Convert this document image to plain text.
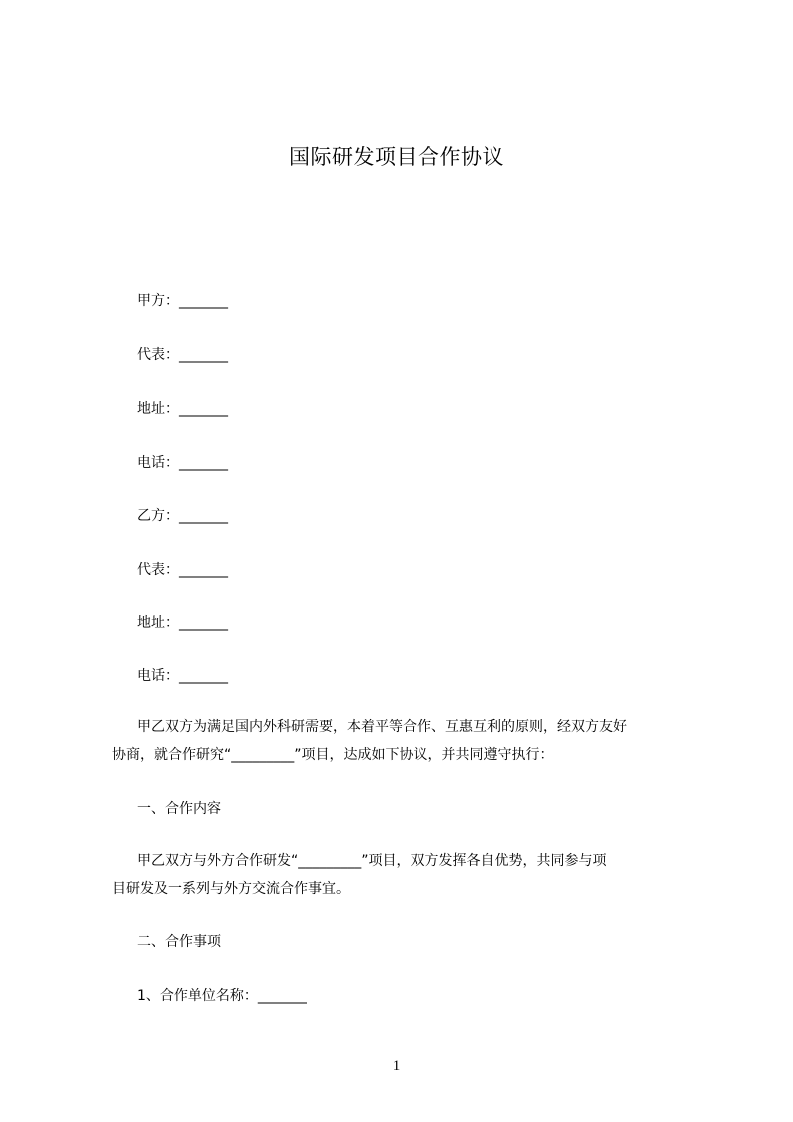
国际研发项目合作协议
甲方：_______
代表：_______
地址：_______
电话：_______
乙方：_______
代表：_______
地址：_______
电话：_______
甲乙双方为满足国内外科研需要，本着平等合作、互惠互利的原则，经双方友好
协商，就合作研究“_________”项目，达成如下协议，并共同遵守执行：
一、合作内容
甲乙双方与外方合作研发“_________”项目，双方发挥各自优势，共同参与项
目研发及一系列与外方交流合作事宜。
二、合作事项
1、合作单位名称：_______
1
